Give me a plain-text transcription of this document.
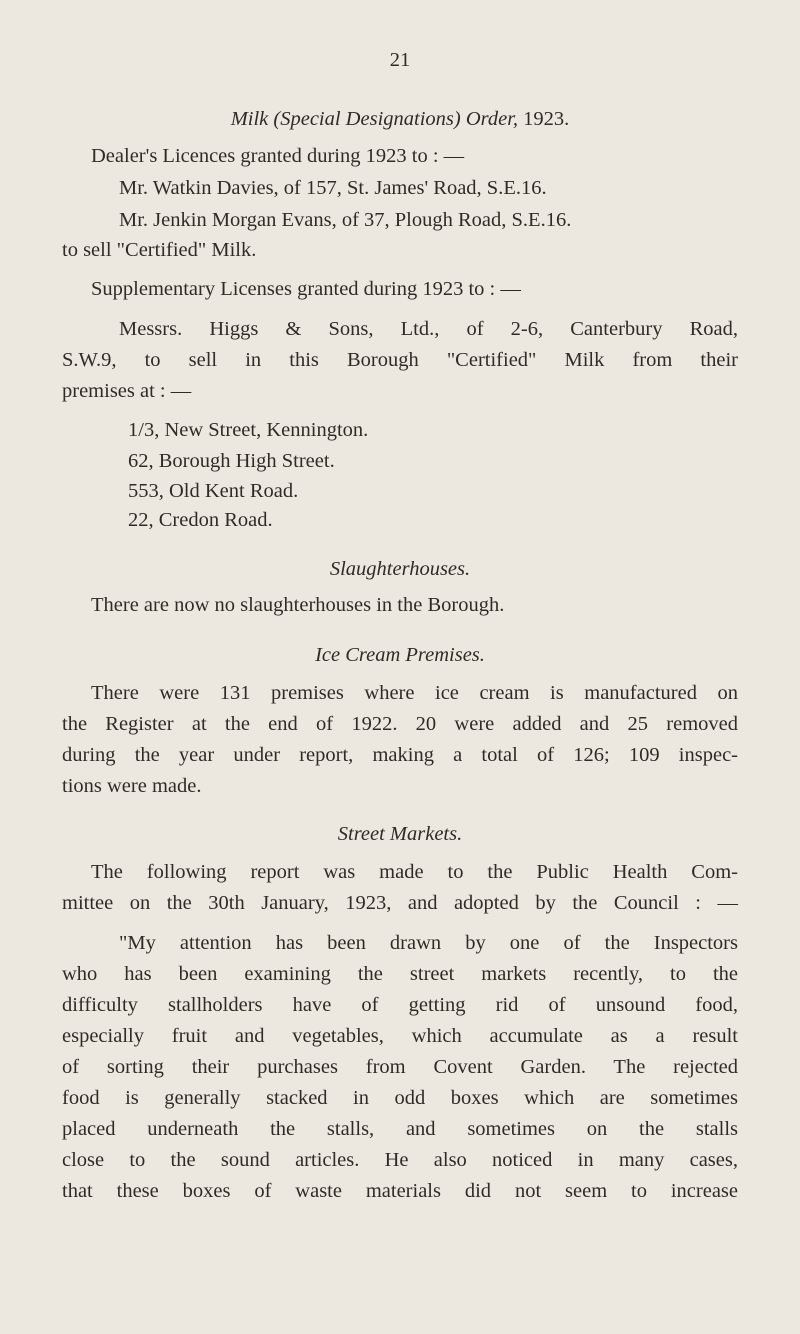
21

Milk (Special Designations) Order, 1923.

Dealer's Licences granted during 1923 to : —

Mr. Watkin Davies, of 157, St. James' Road, S.E.16.

Mr. Jenkin Morgan Evans, of 37, Plough Road, S.E.16.

to sell "Certified" Milk.

Supplementary Licenses granted during 1923 to : —

Messrs. Higgs & Sons, Ltd., of 2-6, Canterbury Road,

S.W.9, to sell in this Borough "Certified" Milk from their

premises at : —

1/3, New Street, Kennington.

62, Borough High Street.

553, Old Kent Road.

22, Credon Road.

Slaughterhouses.

There are now no slaughterhouses in the Borough.

Ice Cream Premises.

There were 131 premises where ice cream is manufactured on

the Register at the end of 1922. 20 were added and 25 removed

during the year under report, making a total of 126; 109 inspec-

tions were made.

Street Markets.

The following report was made to the Public Health Com-

mittee on the 30th January, 1923, and adopted by the Council : —

"My attention has been drawn by one of the Inspectors

who has been examining the street markets recently, to the

difficulty stallholders have of getting rid of unsound food,

especially fruit and vegetables, which accumulate as a result

of sorting their purchases from Covent Garden. The rejected

food is generally stacked in odd boxes which are sometimes

placed underneath the stalls, and sometimes on the stalls

close to the sound articles. He also noticed in many cases,

that these boxes of waste materials did not seem to increase
